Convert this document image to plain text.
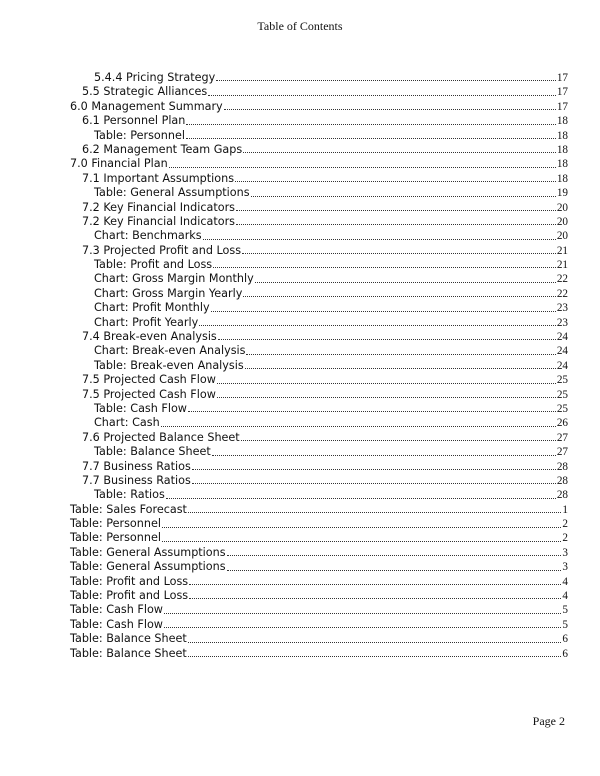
Table of Contents
5.4.4 Pricing Strategy	17
5.5 Strategic Alliances	17
6.0 Management Summary	17
6.1 Personnel Plan	18
Table: Personnel	18
6.2 Management Team Gaps	18
7.0 Financial Plan	18
7.1 Important Assumptions	18
Table: General Assumptions	19
7.2 Key Financial Indicators	20
7.2 Key Financial Indicators	20
Chart: Benchmarks	20
7.3 Projected Profit and Loss	21
Table: Profit and Loss	21
Chart: Gross Margin Monthly	22
Chart: Gross Margin Yearly	22
Chart: Profit Monthly	23
Chart: Profit Yearly	23
7.4 Break-even Analysis	24
Chart: Break-even Analysis	24
Table: Break-even Analysis	24
7.5 Projected Cash Flow	25
7.5 Projected Cash Flow	25
Table: Cash Flow	25
Chart: Cash	26
7.6 Projected Balance Sheet	27
Table: Balance Sheet	27
7.7 Business Ratios	28
7.7 Business Ratios	28
Table: Ratios	28
Table: Sales Forecast	1
Table: Personnel	2
Table: Personnel	2
Table: General Assumptions	3
Table: General Assumptions	3
Table: Profit and Loss	4
Table: Profit and Loss	4
Table: Cash Flow	5
Table: Cash Flow	5
Table: Balance Sheet	6
Table: Balance Sheet	6
Page 2
